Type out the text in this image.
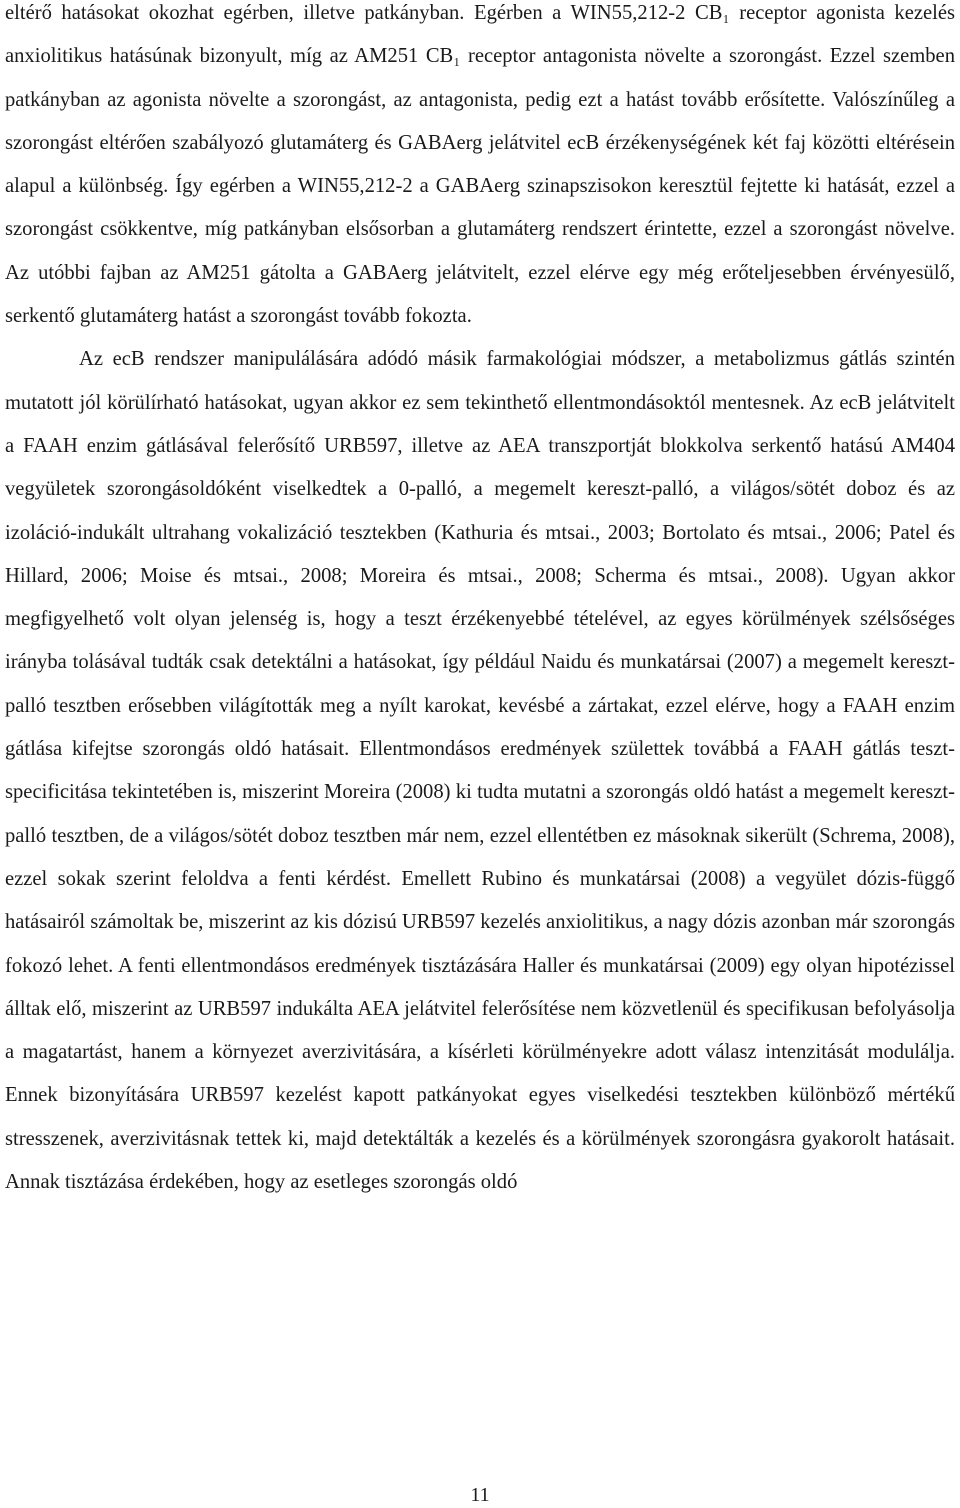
eltérő hatásokat okozhat egérben, illetve patkányban. Egérben a WIN55,212-2 CB₁ receptor agonista kezelés anxiolitikus hatásúnak bizonyult, míg az AM251 CB₁ receptor antagonista növelte a szorongást. Ezzel szemben patkányban az agonista növelte a szorongást, az antagonista, pedig ezt a hatást tovább erősítette. Valószínűleg a szorongást eltérően szabályozó glutamáterg és GABAerg jelátvitel ecB érzékenységének két faj közötti eltérésein alapul a különbség. Így egérben a WIN55,212-2 a GABAerg szinapszisokon keresztül fejtette ki hatását, ezzel a szorongást csökkentve, míg patkányban elsősorban a glutamáterg rendszert érintette, ezzel a szorongást növelve. Az utóbbi fajban az AM251 gátolta a GABAerg jelátvitelt, ezzel elérve egy még erőteljesebben érvényesülő, serkentő glutamáterg hatást a szorongást tovább fokozta.

Az ecB rendszer manipulálására adódó másik farmakológiai módszer, a metabolizmus gátlás szintén mutatott jól körülírható hatásokat, ugyan akkor ez sem tekinthető ellentmondásoktól mentesnek. Az ecB jelátvitelt a FAAH enzim gátlásával felerősítő URB597, illetve az AEA transzportját blokkolva serkentő hatású AM404 vegyületek szorongásoldóként viselkedtek a 0-palló, a megemelt kereszt-palló, a világos/sötét doboz és az izoláció-indukált ultrahang vokalizáció tesztekben (Kathuria és mtsai., 2003; Bortolato és mtsai., 2006; Patel és Hillard, 2006; Moise és mtsai., 2008; Moreira és mtsai., 2008; Scherma és mtsai., 2008). Ugyan akkor megfigyelhető volt olyan jelenség is, hogy a teszt érzékenyebbé tételével, az egyes körülmények szélsőséges irányba tolásával tudták csak detektálni a hatásokat, így például Naidu és munkatársai (2007) a megemelt kereszt-palló tesztben erősebben világították meg a nyílt karokat, kevésbé a zártakat, ezzel elérve, hogy a FAAH enzim gátlása kifejtse szorongás oldó hatásait. Ellentmondásos eredmények születtek továbbá a FAAH gátlás teszt-specificitása tekintetében is, miszerint Moreira (2008) ki tudta mutatni a szorongás oldó hatást a megemelt kereszt-palló tesztben, de a világos/sötét doboz tesztben már nem, ezzel ellentétben ez másoknak sikerült (Schrema, 2008), ezzel sokak szerint feloldva a fenti kérdést. Emellett Rubino és munkatársai (2008) a vegyület dózis-függő hatásairól számoltak be, miszerint az kis dózisú URB597 kezelés anxiolitikus, a nagy dózis azonban már szorongás fokozó lehet. A fenti ellentmondásos eredmények tisztázására Haller és munkatársai (2009) egy olyan hipotézissel álltak elő, miszerint az URB597 indukálta AEA jelátvitel felerősítése nem közvetlenül és specifikusan befolyásolja a magatartást, hanem a környezet averzivitására, a kísérleti körülményekre adott válasz intenzitását modulálja. Ennek bizonyítására URB597 kezelést kapott patkányokat egyes viselkedési tesztekben különböző mértékű stresszenek, averzivitásnak tettek ki, majd detektálták a kezelés és a körülmények szorongásra gyakorolt hatásait. Annak tisztázása érdekében, hogy az esetleges szorongás oldó

11
